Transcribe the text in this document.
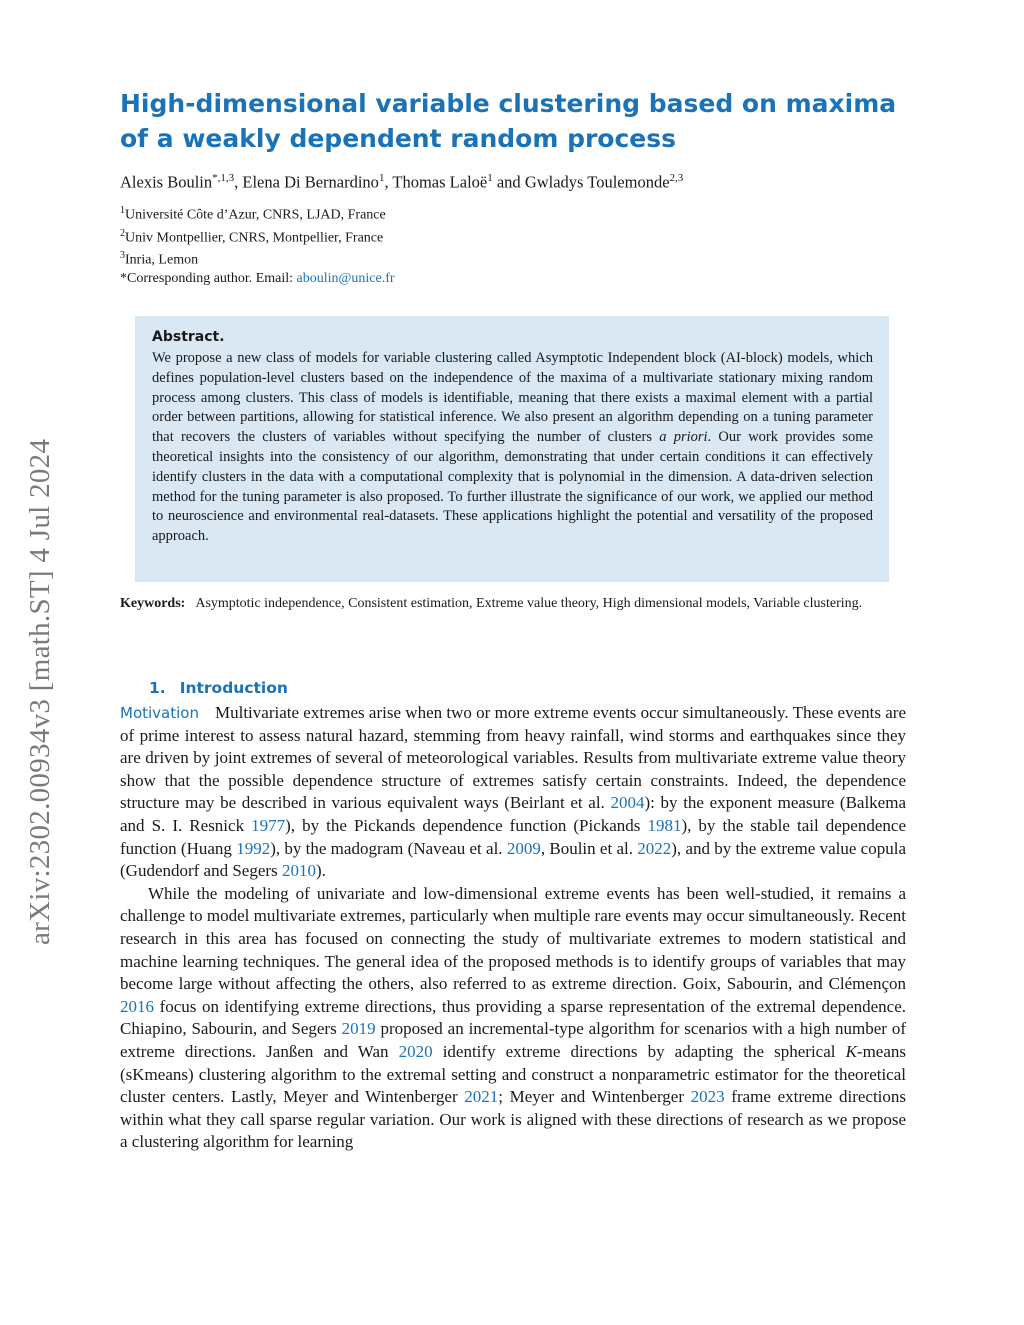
arXiv:2302.00934v3 [math.ST] 4 Jul 2024
High-dimensional variable clustering based on maxima of a weakly dependent random process
Alexis Boulin$^{*,1,3}$, Elena Di Bernardino$^1$, Thomas Laloë$^1$ and Gwladys Toulemonde$^{2,3}$
$^1$Université Côte d’Azur, CNRS, LJAD, France
$^2$Univ Montpellier, CNRS, Montpellier, France
$^3$Inria, Lemon
*Corresponding author. Email: aboulin@unice.fr
Abstract.

We propose a new class of models for variable clustering called Asymptotic Independent block (AI-block) models, which defines population-level clusters based on the independence of the maxima of a multivariate stationary mixing random process among clusters. This class of models is identifiable, meaning that there exists a maximal element with a partial order between partitions, allowing for statistical inference. We also present an algorithm depending on a tuning parameter that recovers the clusters of variables without specifying the number of clusters a priori. Our work provides some theoretical insights into the consistency of our algorithm, demonstrating that under certain conditions it can effectively identify clusters in the data with a computational complexity that is polynomial in the dimension. A data-driven selection method for the tuning parameter is also proposed. To further illustrate the significance of our work, we applied our method to neuroscience and environmental real-datasets. These applications highlight the potential and versatility of the proposed approach.

Keywords: Asymptotic independence, Consistent estimation, Extreme value theory, High dimensional models, Variable clustering.
1. Introduction

Motivation Multivariate extremes arise when two or more extreme events occur simultaneously. These events are of prime interest to assess natural hazard, stemming from heavy rainfall, wind storms and earthquakes since they are driven by joint extremes of several of meteorological variables. Results from multivariate extreme value theory show that the possible dependence structure of extremes satisfy certain constraints. Indeed, the dependence structure may be described in various equivalent ways (Beirlant et al. 2004): by the exponent measure (Balkema and S. I. Resnick 1977), by the Pickands dependence function (Pickands 1981), by the stable tail dependence function (Huang 1992), by the madogram (Naveau et al. 2009, Boulin et al. 2022), and by the extreme value copula (Gudendorf and Segers 2010).

While the modeling of univariate and low-dimensional extreme events has been well-studied, it remains a challenge to model multivariate extremes, particularly when multiple rare events may occur simultaneously. Recent research in this area has focused on connecting the study of multivariate extremes to modern statistical and machine learning techniques. The general idea of the proposed methods is to identify groups of variables that may become large without affecting the others, also referred to as extreme direction. Goix, Sabourin, and Clémençon 2016 focus on identifying extreme directions, thus providing a sparse representation of the extremal dependence. Chiapino, Sabourin, and Segers 2019 proposed an incremental-type algorithm for scenarios with a high number of extreme directions. Janßen and Wan 2020 identify extreme directions by adapting the spherical K-means (sKmeans) clustering algorithm to the extremal setting and construct a nonparametric estimator for the theoretical cluster centers. Lastly, Meyer and Wintenberger 2021; Meyer and Wintenberger 2023 frame extreme directions within what they call sparse regular variation. Our work is aligned with these directions of research as we propose a clustering algorithm for learning
